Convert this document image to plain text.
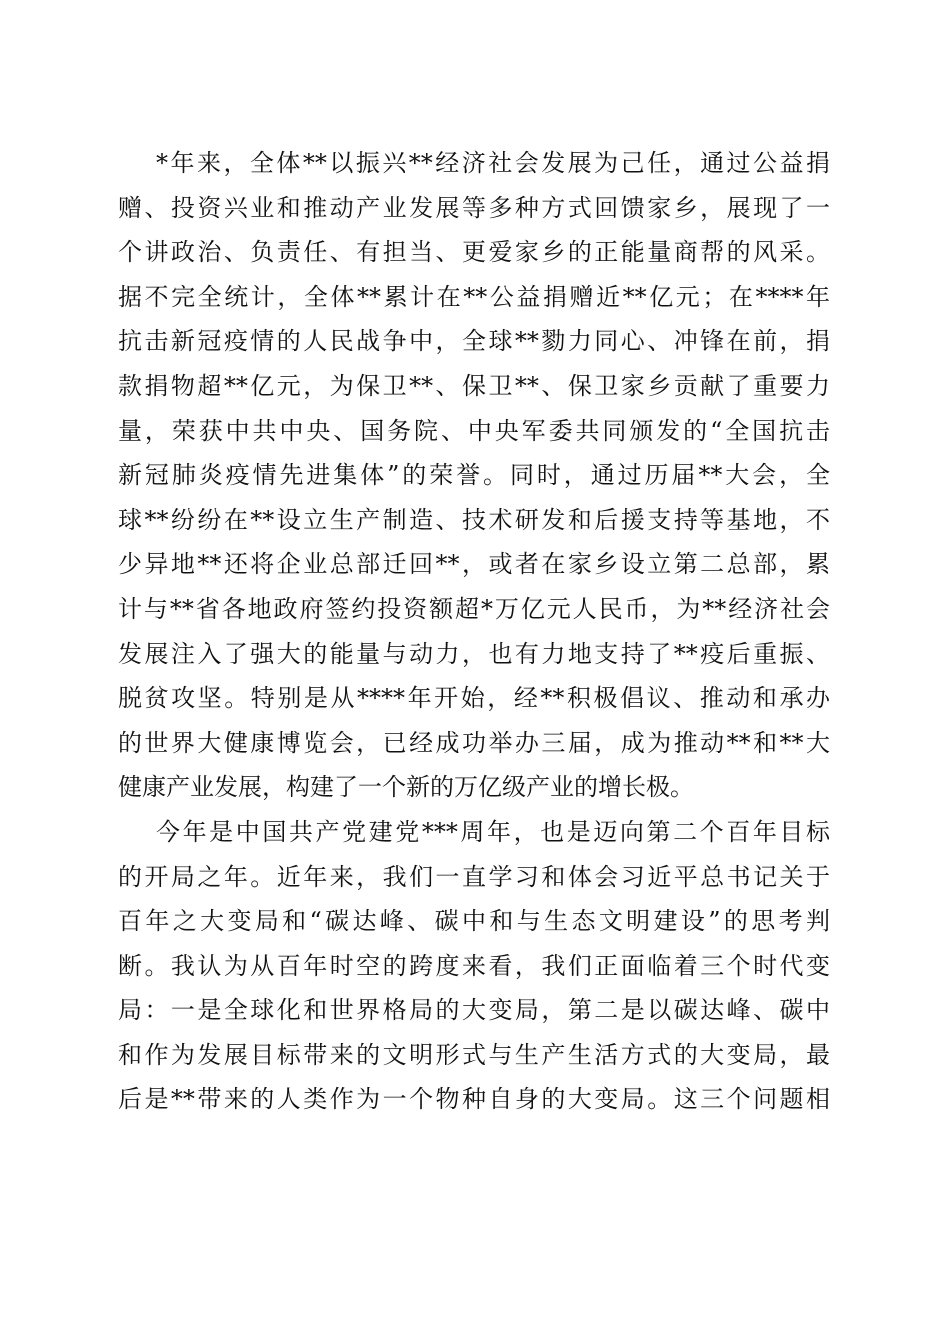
*年来，全体**以振兴**经济社会发展为己任，通过公益捐
赠、投资兴业和推动产业发展等多种方式回馈家乡，展现了一
个讲政治、负责任、有担当、更爱家乡的正能量商帮的风采。
据不完全统计，全体**累计在**公益捐赠近**亿元；在****年
抗击新冠疫情的人民战争中，全球**勠力同心、冲锋在前，捐
款捐物超**亿元，为保卫**、保卫**、保卫家乡贡献了重要力
量，荣获中共中央、国务院、中央军委共同颁发的“全国抗击
新冠肺炎疫情先进集体”的荣誉。同时，通过历届**大会，全
球**纷纷在**设立生产制造、技术研发和后援支持等基地，不
少异地**还将企业总部迁回**，或者在家乡设立第二总部，累
计与**省各地政府签约投资额超*万亿元人民币，为**经济社会
发展注入了强大的能量与动力，也有力地支持了**疫后重振、
脱贫攻坚。特别是从****年开始，经**积极倡议、推动和承办
的世界大健康博览会，已经成功举办三届，成为推动**和**大
健康产业发展，构建了一个新的万亿级产业的增长极。
今年是中国共产党建党***周年，也是迈向第二个百年目标
的开局之年。近年来，我们一直学习和体会习近平总书记关于
百年之大变局和“碳达峰、碳中和与生态文明建设”的思考判
断。我认为从百年时空的跨度来看，我们正面临着三个时代变
局：一是全球化和世界格局的大变局，第二是以碳达峰、碳中
和作为发展目标带来的文明形式与生产生活方式的大变局，最
后是**带来的人类作为一个物种自身的大变局。这三个问题相
